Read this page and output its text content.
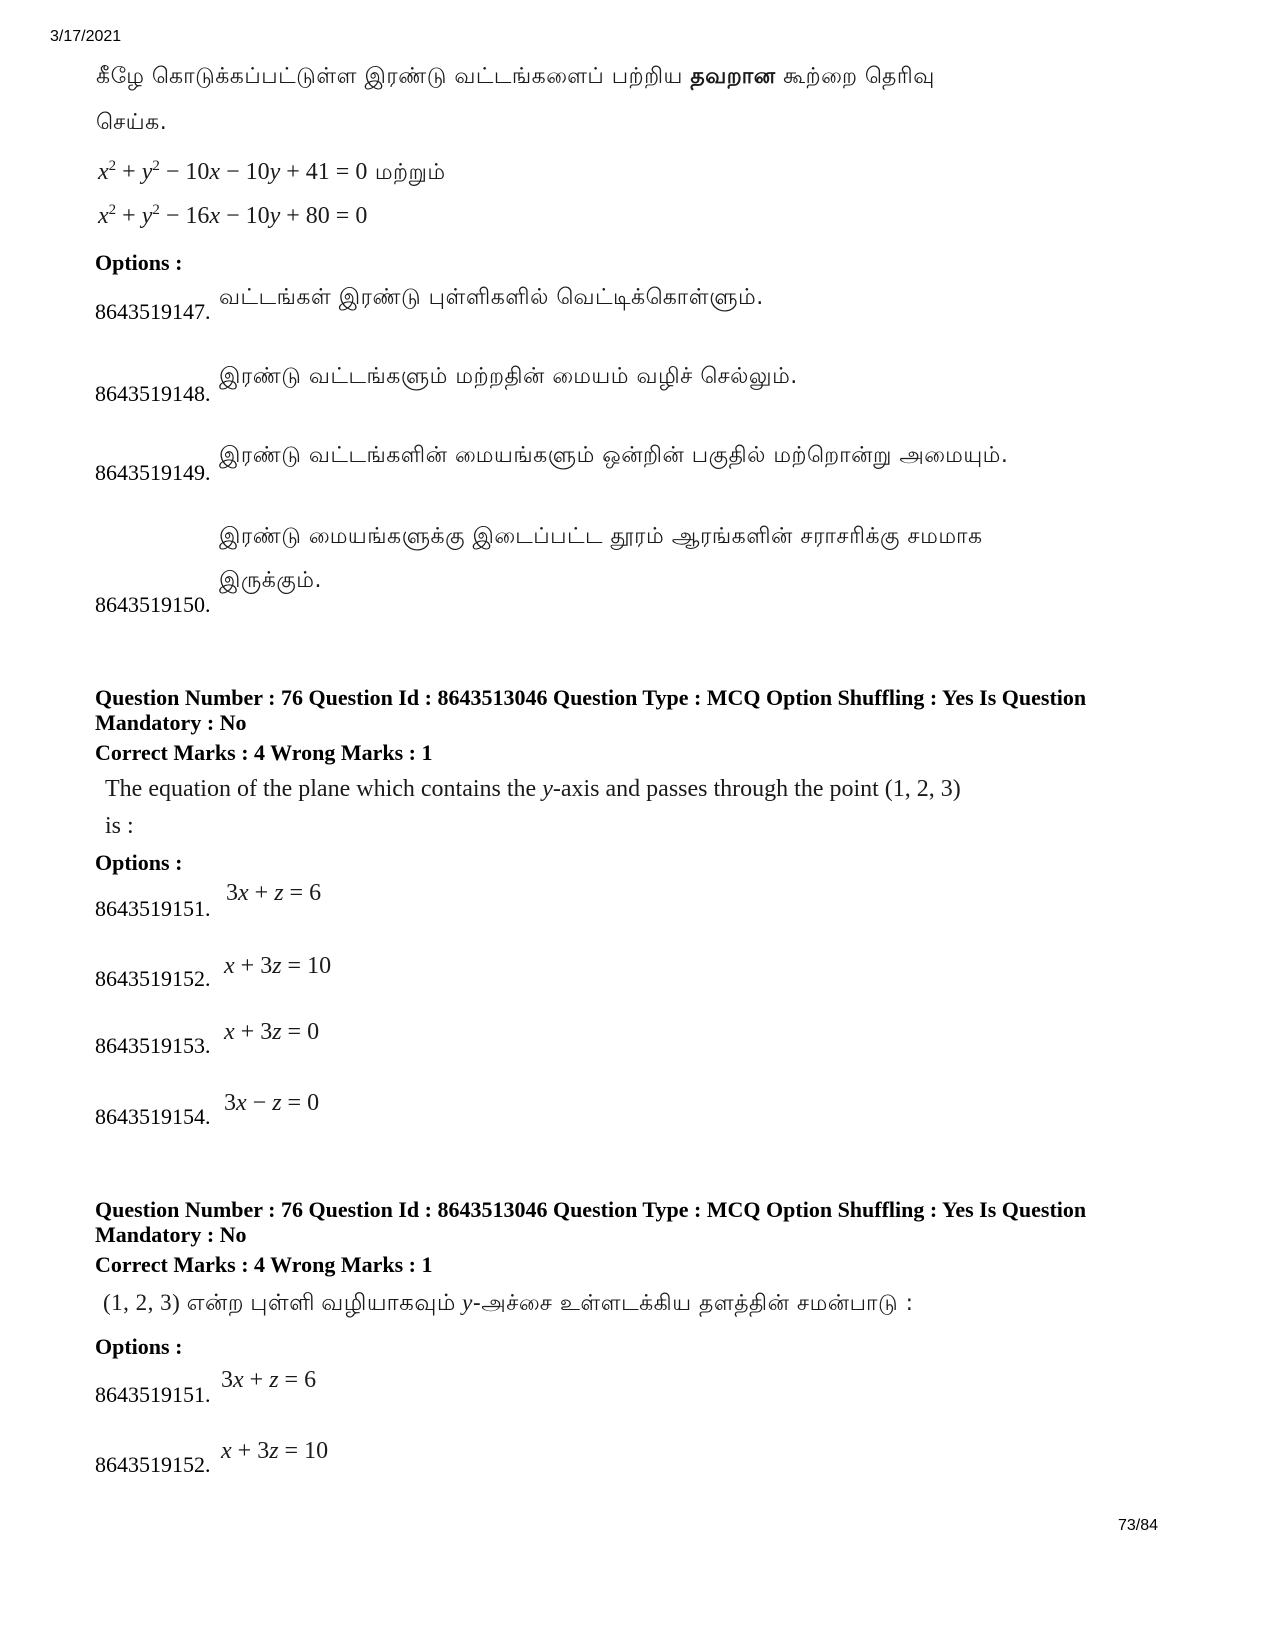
3/17/2021
73/84
கீழே கொடுக்கப்பட்டுள்ள இரண்டு வட்டங்களைப் பற்றிய தவறான கூற்றை தெரிவு
செய்க.
$x^2 + y^2 - 10x - 10y + 41 = 0$ மற்றும்
$x^2 + y^2 - 16x - 10y + 80 = 0$
Options :
8643519147.
வட்டங்கள் இரண்டு புள்ளிகளில் வெட்டிக்கொள்ளும்.
8643519148.
இரண்டு வட்டங்களும் மற்றதின் மையம் வழிச் செல்லும்.
8643519149.
இரண்டு வட்டங்களின் மையங்களும் ஒன்றின் பகுதில் மற்றொன்று அமையும்.
இரண்டு மையங்களுக்கு இடைப்பட்ட தூரம் ஆரங்களின் சராசரிக்கு சமமாக
இருக்கும்.
8643519150.
Question Number : 76 Question Id : 8643513046 Question Type : MCQ Option Shuffling : Yes Is Question
Mandatory : No
Correct Marks : 4 Wrong Marks : 1
The equation of the plane which contains the y-axis and passes through the point (1, 2, 3)
is :
Options :
8643519151.
3x + z = 6
8643519152. x + 3z = 10
8643519153.
x + 3z = 0
8643519154.
3x − z = 0
Question Number : 76 Question Id : 8643513046 Question Type : MCQ Option Shuffling : Yes Is Question
Mandatory : No
Correct Marks : 4 Wrong Marks : 1
(1, 2, 3) என்ற புள்ளி வழியாகவும் y-அச்சை உள்ளடக்கிய தளத்தின் சமன்பாடு :
Options :
8643519151.
3x + z = 6
8643519152.
x + 3z = 10
